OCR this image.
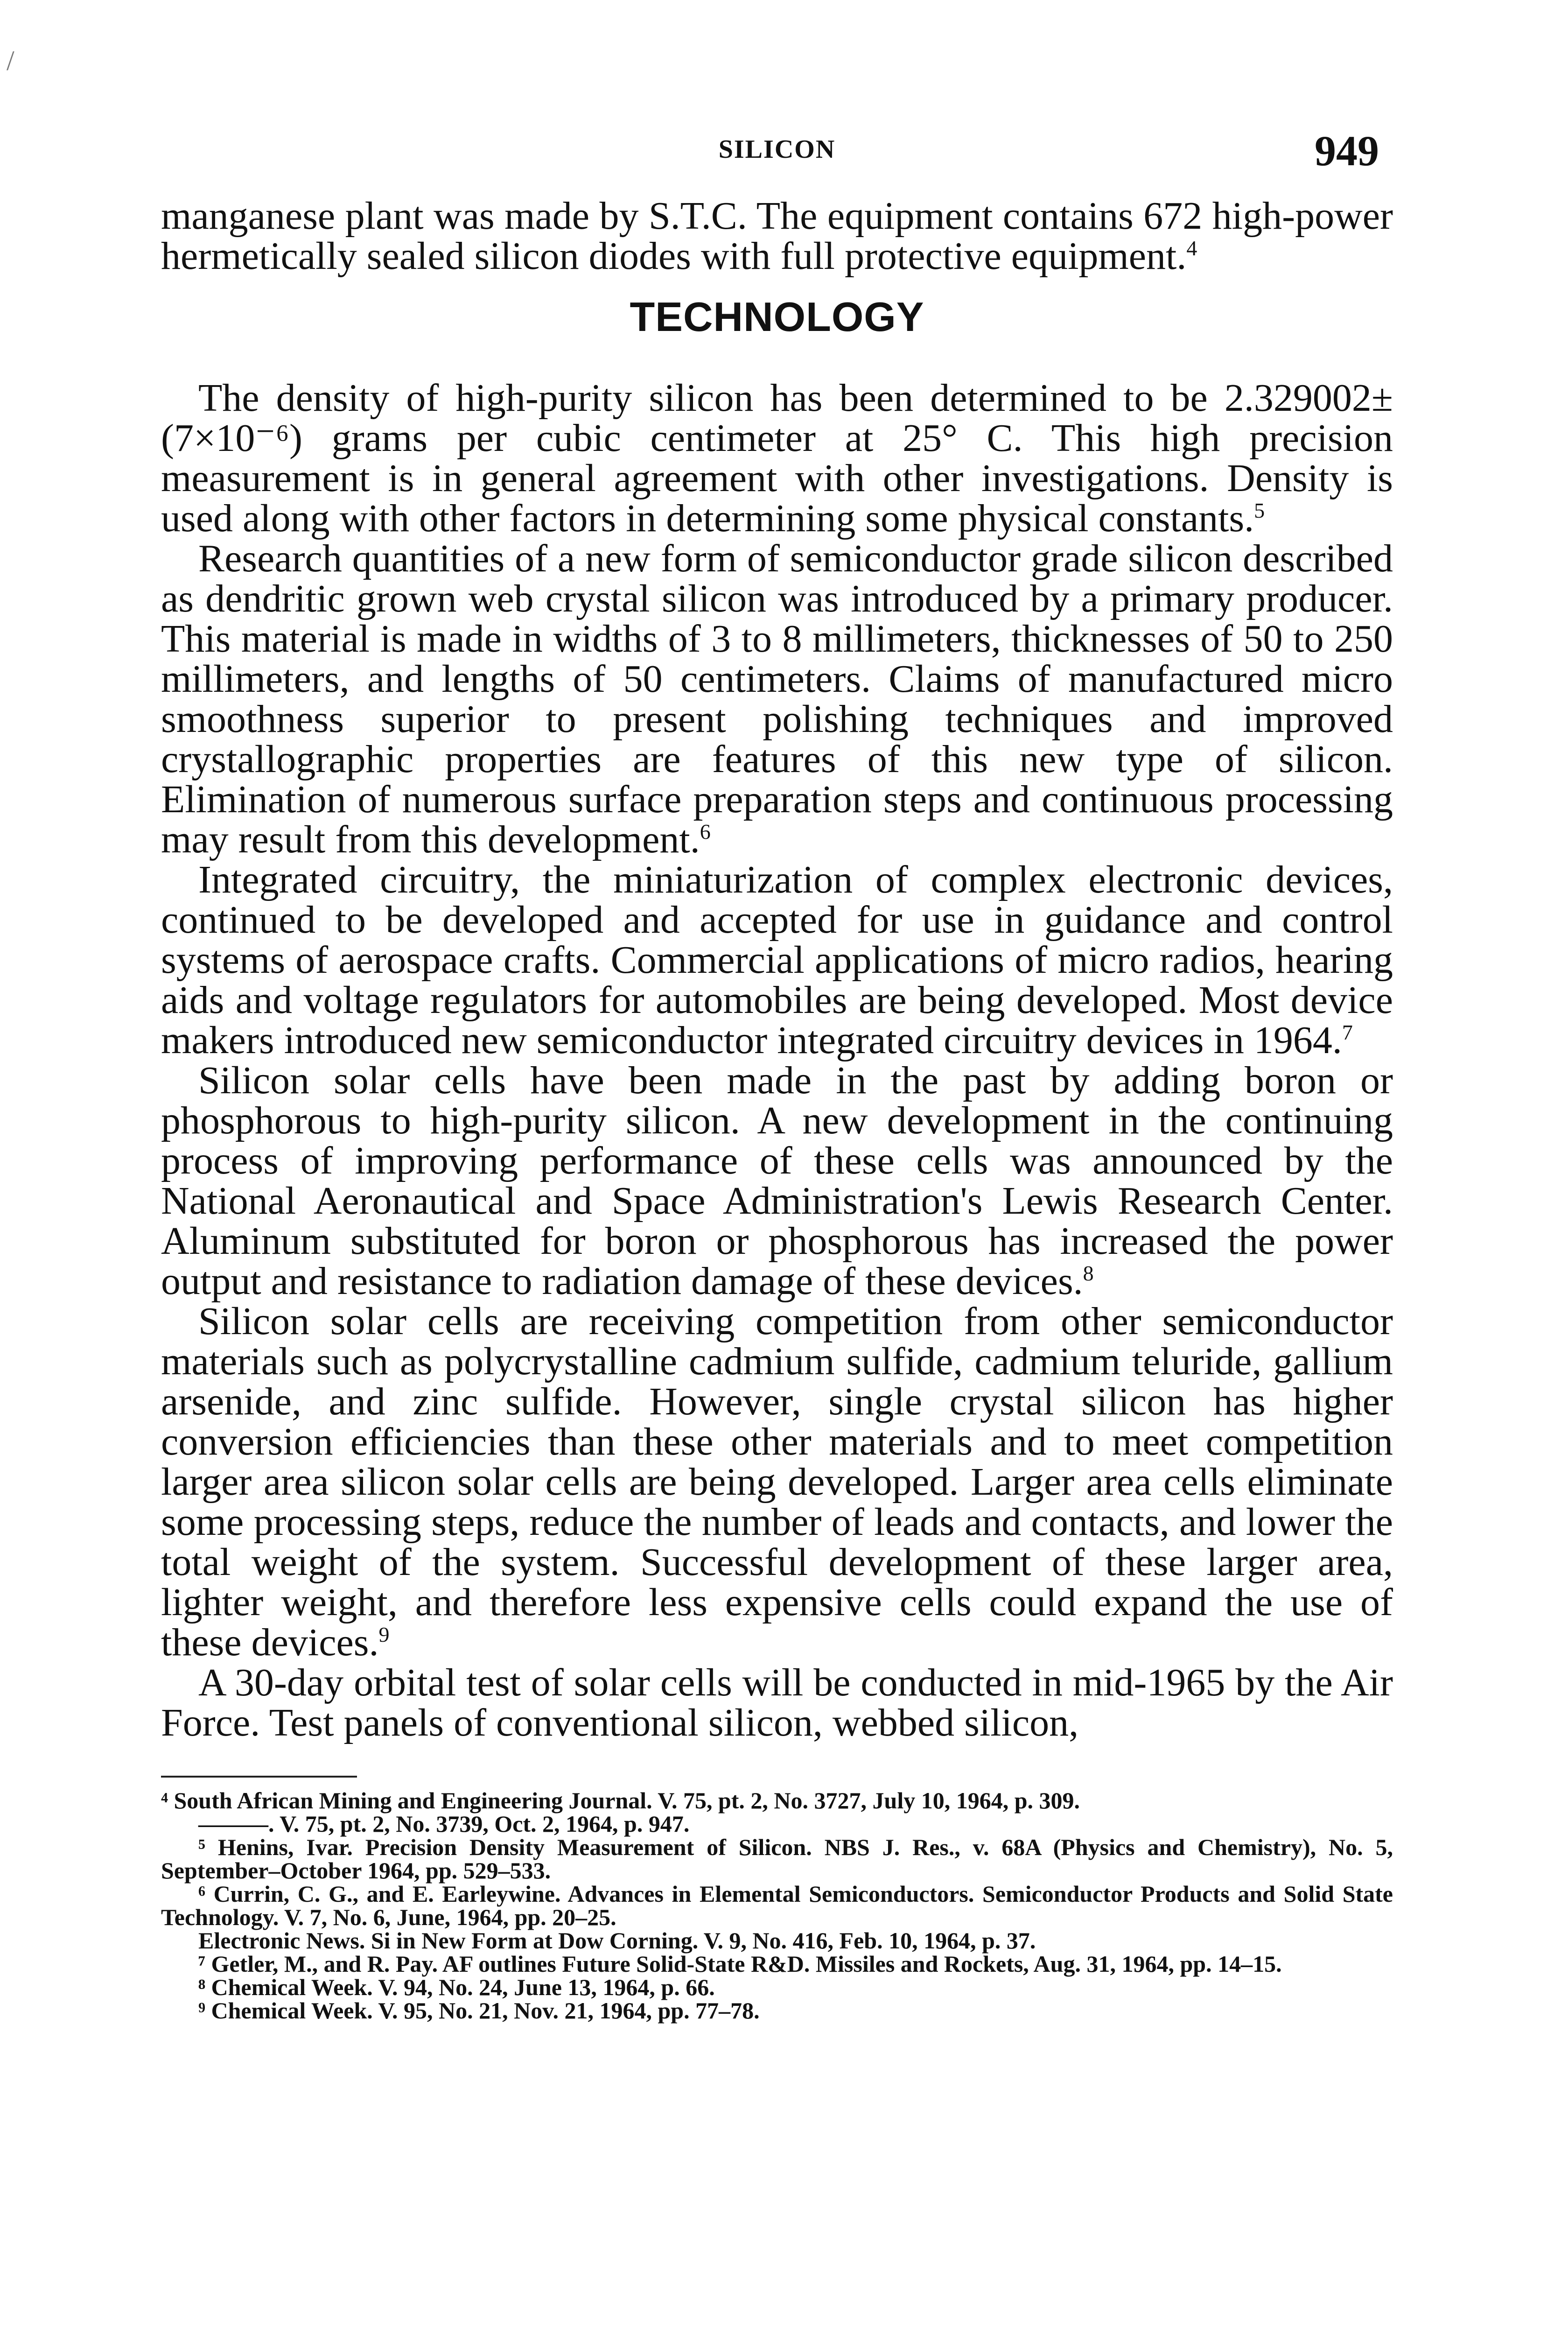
/
SILICON	949

manganese plant was made by S.T.C. The equipment contains 672 high-power hermetically sealed silicon diodes with full protective equipment.$^4$

TECHNOLOGY

The density of high-purity silicon has been determined to be 2.329002± (7×10⁻⁶) grams per cubic centimeter at 25° C. This high precision measurement is in general agreement with other investigations. Density is used along with other factors in determining some physical constants.$^5$

Research quantities of a new form of semiconductor grade silicon described as dendritic grown web crystal silicon was introduced by a primary producer. This material is made in widths of 3 to 8 millimeters, thicknesses of 50 to 250 millimeters, and lengths of 50 centimeters. Claims of manufactured micro smoothness superior to present polishing techniques and improved crystallographic properties are features of this new type of silicon. Elimination of numerous surface preparation steps and continuous processing may result from this development.$^6$

Integrated circuitry, the miniaturization of complex electronic devices, continued to be developed and accepted for use in guidance and control systems of aerospace crafts. Commercial applications of micro radios, hearing aids and voltage regulators for automobiles are being developed. Most device makers introduced new semiconductor integrated circuitry devices in 1964.$^7$

Silicon solar cells have been made in the past by adding boron or phosphorous to high-purity silicon. A new development in the continuing process of improving performance of these cells was announced by the National Aeronautical and Space Administration's Lewis Research Center. Aluminum substituted for boron or phosphorous has increased the power output and resistance to radiation damage of these devices.$^8$

Silicon solar cells are receiving competition from other semiconductor materials such as polycrystalline cadmium sulfide, cadmium teluride, gallium arsenide, and zinc sulfide. However, single crystal silicon has higher conversion efficiencies than these other materials and to meet competition larger area silicon solar cells are being developed. Larger area cells eliminate some processing steps, reduce the number of leads and contacts, and lower the total weight of the system. Successful development of these larger area, lighter weight, and therefore less expensive cells could expand the use of these devices.$^9$

A 30-day orbital test of solar cells will be conducted in mid-1965 by the Air Force. Test panels of conventional silicon, webbed silicon,

⁴ South African Mining and Engineering Journal. V. 75, pt. 2, No. 3727, July 10, 1964, p. 309.

———. V. 75, pt. 2, No. 3739, Oct. 2, 1964, p. 947.

⁵ Henins, Ivar. Precision Density Measurement of Silicon. NBS J. Res., v. 68A (Physics and Chemistry), No. 5, September–October 1964, pp. 529–533.

⁶ Currin, C. G., and E. Earleywine. Advances in Elemental Semiconductors. Semiconductor Products and Solid State Technology. V. 7, No. 6, June, 1964, pp. 20–25.

Electronic News. Si in New Form at Dow Corning. V. 9, No. 416, Feb. 10, 1964, p. 37.

⁷ Getler, M., and R. Pay. AF outlines Future Solid-State R&D. Missiles and Rockets, Aug. 31, 1964, pp. 14–15.

⁸ Chemical Week. V. 94, No. 24, June 13, 1964, p. 66.

⁹ Chemical Week. V. 95, No. 21, Nov. 21, 1964, pp. 77–78.
